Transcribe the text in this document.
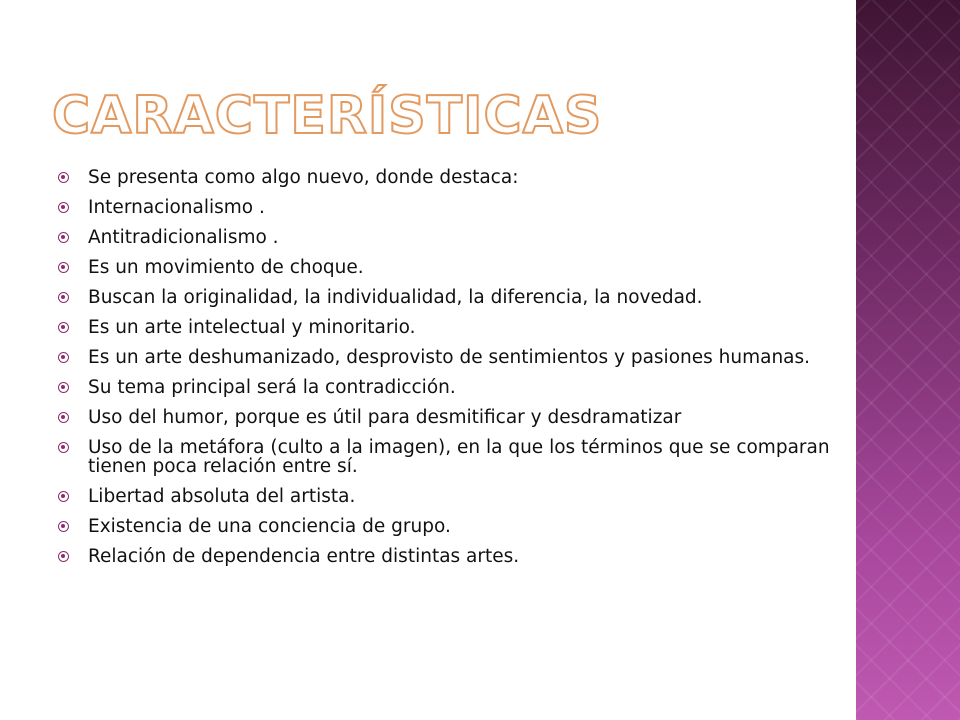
CARACTERÍSTICAS
Se presenta como algo nuevo, donde destaca:
Internacionalismo .
Antitradicionalismo .
Es un movimiento de choque.
Buscan la originalidad, la individualidad, la diferencia, la novedad.
Es un arte intelectual y minoritario.
Es un arte deshumanizado, desprovisto de sentimientos y pasiones humanas.
Su tema principal será la contradicción.
Uso del humor, porque es útil para desmitificar y desdramatizar
Uso de la metáfora (culto a la imagen), en la que los términos que se comparan tienen poca relación entre sí.
Libertad absoluta del artista.
Existencia de una conciencia de grupo.
Relación de dependencia entre distintas artes.
